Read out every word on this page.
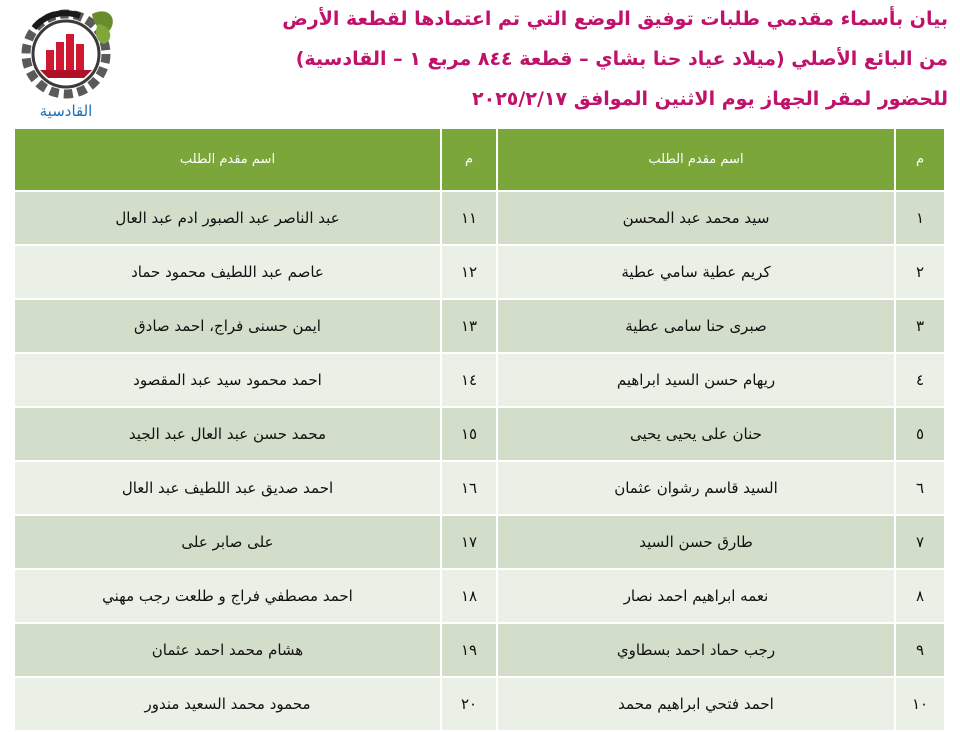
القادسية
بيان بأسماء مقدمي طلبات توفيق الوضع التي تم اعتمادها لقطعة الأرض
من البائع الأصلي (ميلاد عياد حنا بشاي – قطعة ٨٤٤ مربع ١ – القادسية)
للحضور لمقر الجهاز يوم الاثنين الموافق ٢٠٢٥/٢/١٧
م	اسم مقدم الطلب	م	اسم مقدم الطلب
١	سيد محمد عبد المحسن	١١	عبد الناصر عبد الصبور ادم عبد العال
٢	كريم عطية سامي عطية	١٢	عاصم عبد اللطيف محمود حماد
٣	صبرى حنا سامى عطية	١٣	ايمن حسنى فراج، احمد صادق
٤	ريهام حسن السيد ابراهيم	١٤	احمد محمود سيد عبد المقصود
٥	حنان على يحيى يحيى	١٥	محمد حسن عبد العال عبد الجيد
٦	السيد قاسم رشوان عثمان	١٦	احمد صديق عبد اللطيف عبد العال
٧	طارق حسن السيد	١٧	على صابر على
٨	نعمه ابراهيم احمد نصار	١٨	احمد مصطفي فراج و طلعت رجب مهني
٩	رجب حماد احمد بسطاوي	١٩	هشام محمد احمد عثمان
١٠	احمد فتحي ابراهيم محمد	٢٠	محمود محمد السعيد مندور
